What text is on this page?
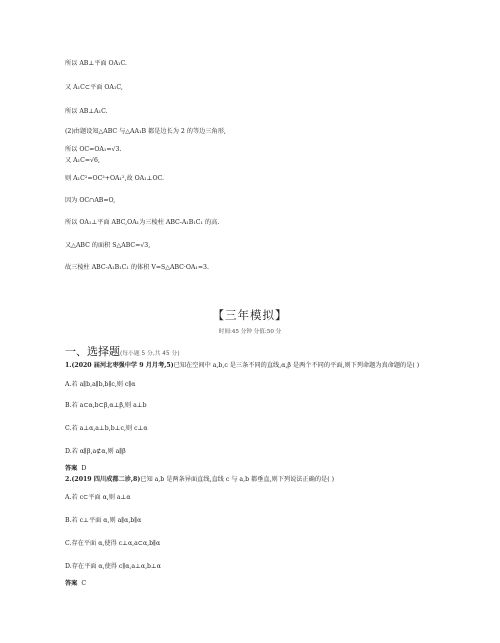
所以 AB⊥平面 OA₁C.
又 A₁C⊂平面 OA₁C,
所以 AB⊥A₁C.
(2)由题设知△ABC 与△AA₁B 都是边长为 2 的等边三角形,
所以 OC=OA₁=√3.
又 A₁C=√6,
则 A₁C²=OC²+OA₁²,故 OA₁⊥OC.
因为 OC∩AB=O,
所以 OA₁⊥平面 ABC,OA₁为三棱柱 ABC-A₁B₁C₁ 的高.
又△ABC 的面积 S△ABC=√3,
故三棱柱 ABC-A₁B₁C₁ 的体积 V=S△ABC·OA₁=3.
【三年模拟】
时间:45 分钟 分值:50 分
一、选择题(每小题 5 分,共 45 分)
1.(2020 届河北枣强中学 9 月月考,5)已知在空间中 a,b,c 是三条不同的直线,α,β 是两个不同的平面,则下列命题为真命题的是( )
A.若 a∥b,a∥b,b∥c,则 c∥α
B.若 a⊂α,b⊂β,α⊥β,则 a⊥b
C.若 a⊥α,a⊥b,b⊥c,则 c⊥α
D.若 α∥β,a⊄α,则 a∥β
答案 D
2.(2019 四川成都二诊,8)已知 a,b 是两条异面直线,直线 c 与 a,b 都垂直,则下列说法正确的是( )
A.若 c⊂平面 α,则 a⊥α
B.若 c⊥平面 α,则 a∥α,b∥α
C.存在平面 α,使得 c⊥α,a⊂α,b∥α
D.存在平面 α,使得 c∥α,a⊥α,b⊥α
答案 C
